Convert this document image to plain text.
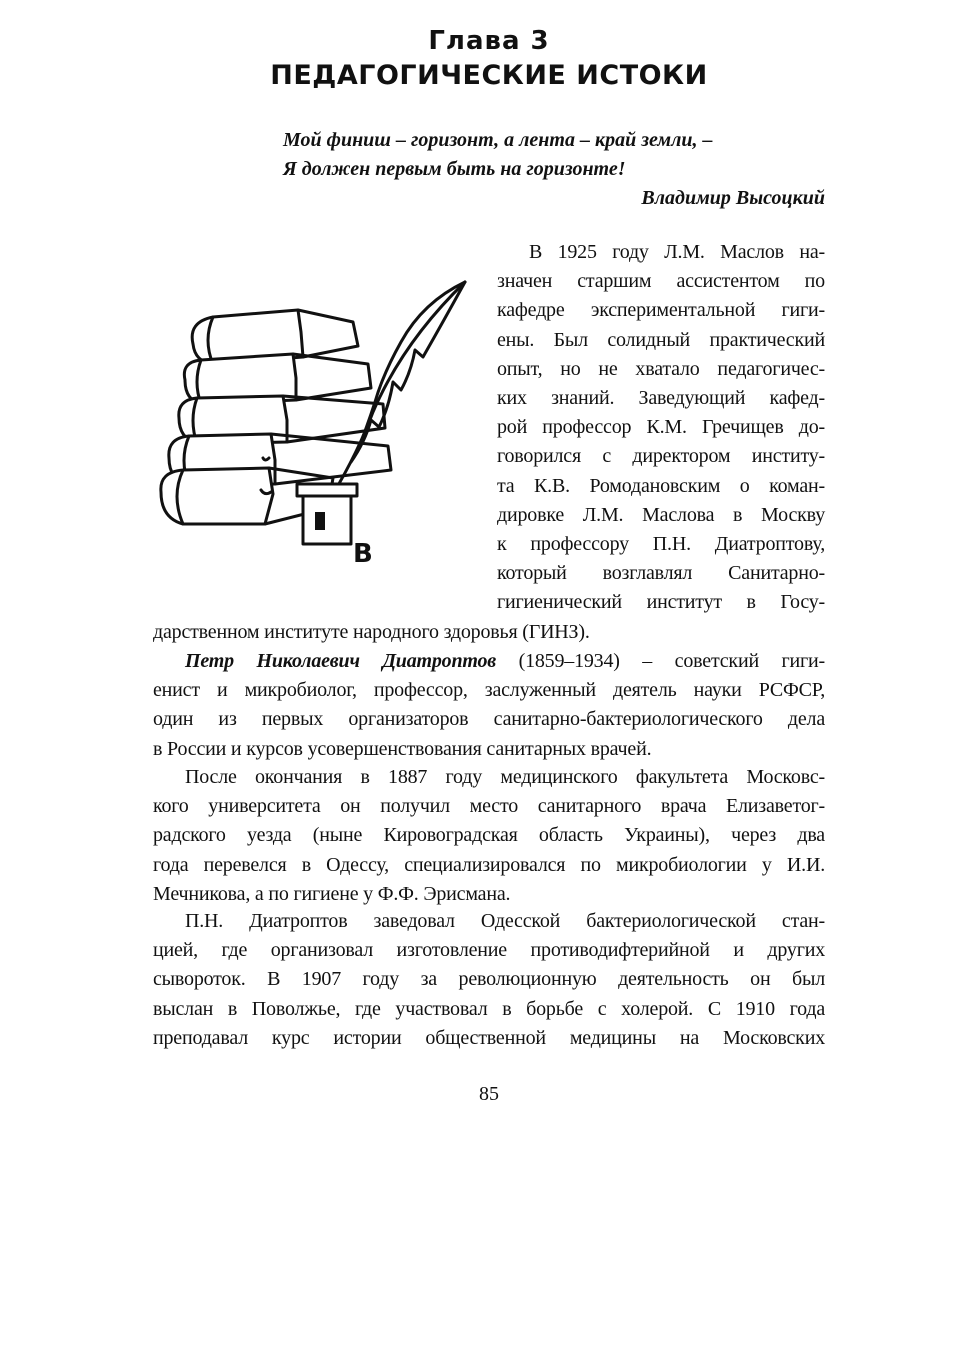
Глава 3
ПЕДАГОГИЧЕСКИЕ ИСТОКИ
Мой финиш – горизонт, а лента – край земли, –
Я должен первым быть на горизонте!
Владимир Высоцкий
В
В 1925 году Л.М. Маслов на-
значен старшим ассистентом по
кафедре экспериментальной гиги-
ены. Был солидный практический
опыт, но не хватало педагогичес-
ких знаний. Заведующий кафед-
рой профессор К.М. Гречищев до-
говорился с директором институ-
та К.В. Ромодановским о коман-
дировке Л.М. Маслова в Москву
к профессору П.Н. Диатроптову,
который возглавлял Санитарно-
гигиенический институт в Госу-
дарственном институте народного здоровья (ГИНЗ).
Петр Николаевич Диатроптов (1859–1934) – советский гиги-
енист и микробиолог, профессор, заслуженный деятель науки РСФСР,
один из первых организаторов санитарно-бактериологического дела
в России и курсов усовершенствования санитарных врачей.
После окончания в 1887 году медицинского факультета Московс-
кого университета он получил место санитарного врача Елизаветог-
радского уезда (ныне Кировоградская область Украины), через два
года перевелся в Одессу, специализировался по микробиологии у И.И.
Мечникова, а по гигиене у Ф.Ф. Эрисмана.
П.Н. Диатроптов заведовал Одесской бактериологической стан-
цией, где организовал изготовление противодифтерийной и других
сывороток. В 1907 году за революционную деятельность он был
выслан в Поволжье, где участвовал в борьбе с холерой. С 1910 года
преподавал курс истории общественной медицины на Московских
85
